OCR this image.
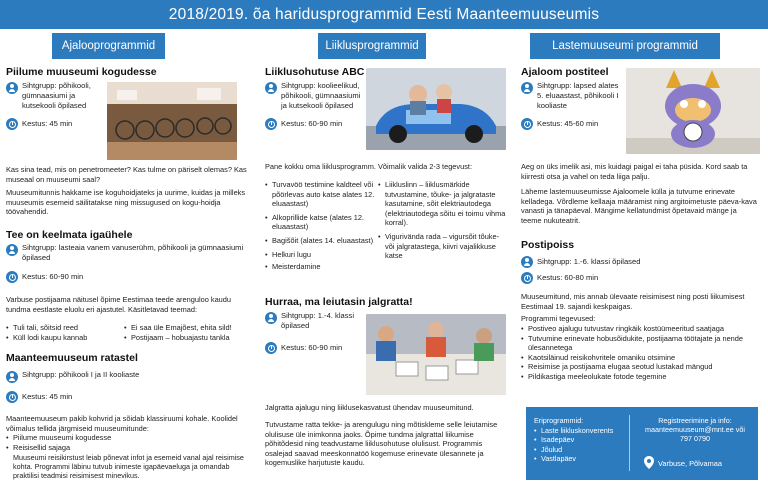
2018/2019. õa haridusprogrammid Eesti Maanteemuuseumis
Ajalooprogrammid
Piilume muuseumi kogudesse
Sihtgrupp: põhikooli, gümnaasiumi ja kutsekooli õpilased
Kestus: 45 min
Kas sina tead, mis on penetromeeter? Kas tulme on päriselt olemas? Kas museaal on muuseumi saal?
Muuseumitunnis hakkame ise koguhoidjateks ja uurime, kuidas ja milleks muuseumis esemeid säilitatakse ning missugused on kogu-hoidja töövahendid.
Tee on keelmata igaühele
Sihtgrupp: lasteaia vanem vanuserühm, põhikooli ja gümnaasiumi õpilased
Kestus: 60-90 min
Varbuse postijaama näitusel õpime Eestimaa teede arenguloo kaudu tundma eestlaste eluolu eri ajastutel. Käsitletavad teemad:
• Tuli tali, sõitsid reed
• Küll lodi kaupu kannab
• Ei saa üle Emajõest, ehita sild!
• Postijaam – hobuajastu tankla
Maanteemuuseum ratastel
Sihtgrupp: põhikooli I ja II kooliaste
Kestus: 45 min
Maanteemuuseum pakib kohvrid ja sõidab klassiruumi kohale. Koolidel võimalus tellida järgmiseid muuseumitunde:
• Piilume muuseumi kogudesse
• Reisisellid sajaga
Muuseumi reisikirstust leiab põnevat infot ja esemeid vanal ajal reisimise kohta. Programmi läbinu tutvub inimeste igapäevaeluga ja omandab praktilisi teadmisi reisimisest minevikus.
Liiklusprogrammid
Liiklusohutuse ABC
Sihtgrupp: koolieelikud, põhikooli, gümnaasiumi ja kutsekooli õpilased
Kestus: 60-90 min
Pane kokku oma liiklusprogramm. Võimalik valida 2-3 tegevust:
• Turvavöö testimine kaldteel või põörlevas auto katse alates 12. eluaastast)
• Alkoprillide katse (alates 12. eluaastast)
• Bagišõit (alates 14. eluaastast)
• Helkuri lugu
• Meisterdamine
• Liikluslinn – liiklusmärkide tutvustamine, tõuke- ja jalgrataste kasutamine, sõit elektriautodega (elektriautodega sõitu ei toimu vihma korral).
• Vigurivända rada – vigursõit tõuke- või jalgratastega, kiivri vajalikkuse katse
Hurraa, ma leiutasin jalgratta!
Sihtgrupp: 1.-4. klassi õpilased
Kestus: 60-90 min
Jalgratta ajalugu ning liiklusekasvatust ühendav muuseumitund.
Tutvustame ratta tekke- ja arengulugu ning mõtiskleme selle leiutamise olulisuse üle inimkonna jaoks. Õpime tundma jalgrattal liikumise põhitõdesid ning teadvustame liiklusohutuse olulisust. Programmis osalejad saavad meeskonnatöö kogemuse erinevate ülesannete ja kogemuslike harjutuste kaudu.
Lastemuuseumi programmid
Ajaloom postiteel
Sihtgrupp: lapsed alates 5. eluaastast, põhikooli I kooliaste
Kestus: 45-60 min
Aeg on üks imelik asi, mis kuidagi paigal ei taha püsida. Kord saab ta kiirresti otsa ja vahel on teda liiga palju.
Läheme lastemuuseumisse Ajaloomele külla ja tutvume erinevate kelladega. Võrdleme kellaaja määramist ning argitoimetuste päeva-kava vanasti ja tänapäeval. Mängime kellatundmist õpetavaid mänge ja teeme nukuteatrit.
Postipoiss
Sihtgrupp: 1.-6. klassi õpilased
Kestus: 60-80 min
Muuseumitund, mis annab ülevaate reisimisest ning posti liikumisest Eestimaal 19. sajandi keskpaigas.
Programmi tegevused:
• Postiveo ajalugu tutvustav ringkäik kostüümeeritud saatjaga
• Tutvumine erinevate hobusõidukite, postijaama töötajate ja nende ülesannetega
• Kaotsiläinud reisikohvritele omaniku otsimine
• Reisimise ja postijaama elugaa seotud lustakad mängud
• Pildikastiga meeleolukate fotode tegemine
Eriprogrammid:
• Laste liikluskonverents
• Isadepäev
• Jõulud
• Vastlapäev
Registreerimine ja info:
maanteemuuseum@mnt.ee või
797 0790
Varbuse, Põlvamaa
